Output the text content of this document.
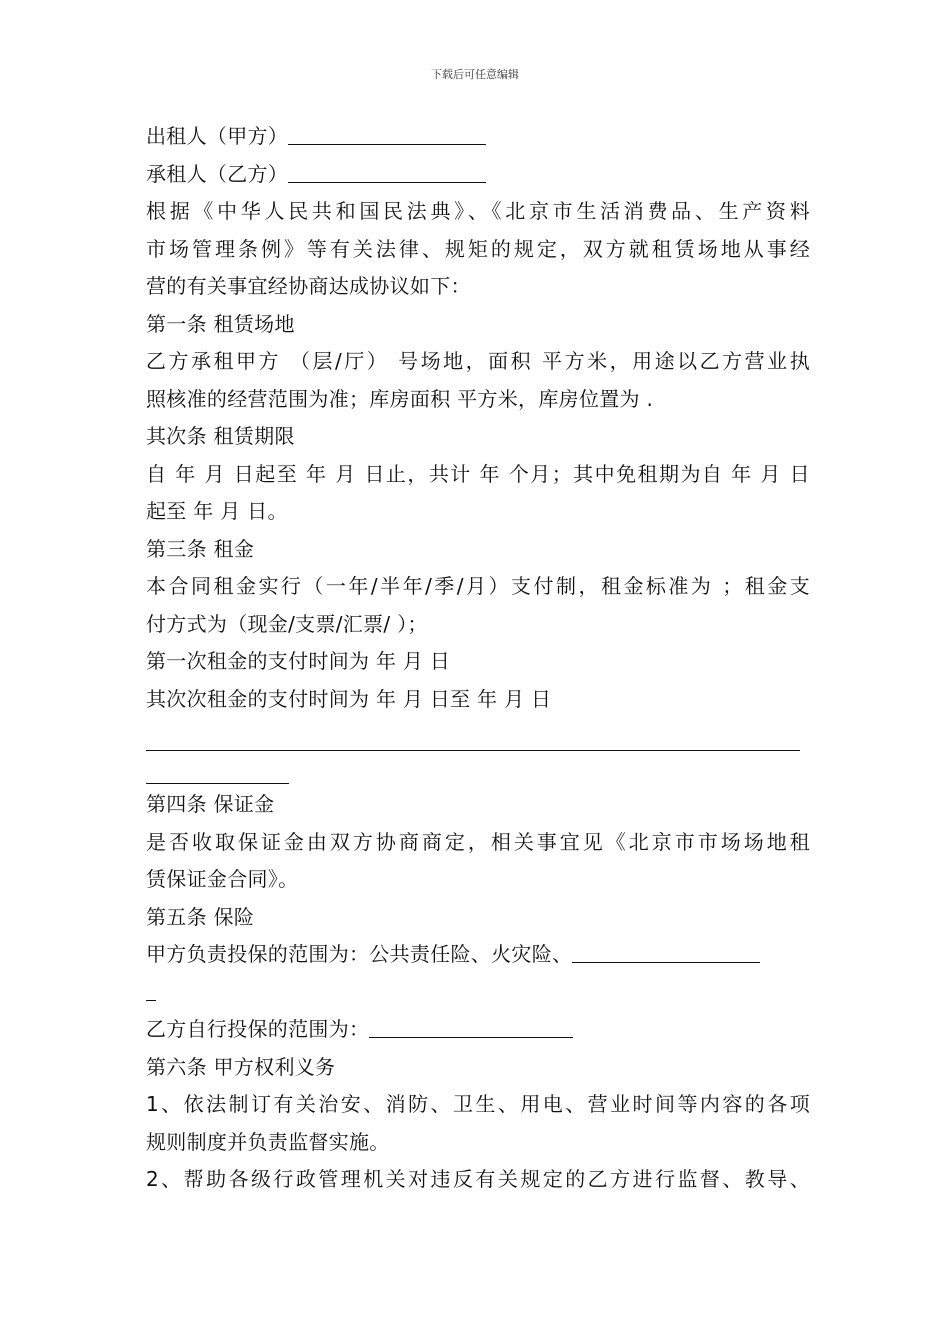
下载后可任意编辑
出租人（甲方）
承租人（乙方）
根据《中华人民共和国民法典》、《北京市生活消费品、生产资料
市场管理条例》等有关法律、规矩的规定，双方就租赁场地从事经
营的有关事宜经协商达成协议如下：
第一条 租赁场地
乙方承租甲方 （层/厅） 号场地，面积 平方米，用途以乙方营业执
照核准的经营范围为准；库房面积 平方米，库房位置为 .
其次条 租赁期限
自 年 月 日起至 年 月 日止，共计 年 个月；其中免租期为自 年 月 日
起至 年 月 日。
第三条 租金
本合同租金实行（一年/半年/季/月）支付制，租金标准为 ；租金支
付方式为（现金/支票/汇票/ ）；
第一次租金的支付时间为 年 月 日
其次次租金的支付时间为 年 月 日至 年 月 日
第四条 保证金
是否收取保证金由双方协商商定，相关事宜见《北京市市场场地租
赁保证金合同》。
第五条 保险
甲方负责投保的范围为：公共责任险、火灾险、
乙方自行投保的范围为：
第六条 甲方权利义务
1、依法制订有关治安、消防、卫生、用电、营业时间等内容的各项
规则制度并负责监督实施。
2、帮助各级行政管理机关对违反有关规定的乙方进行监督、教导、
